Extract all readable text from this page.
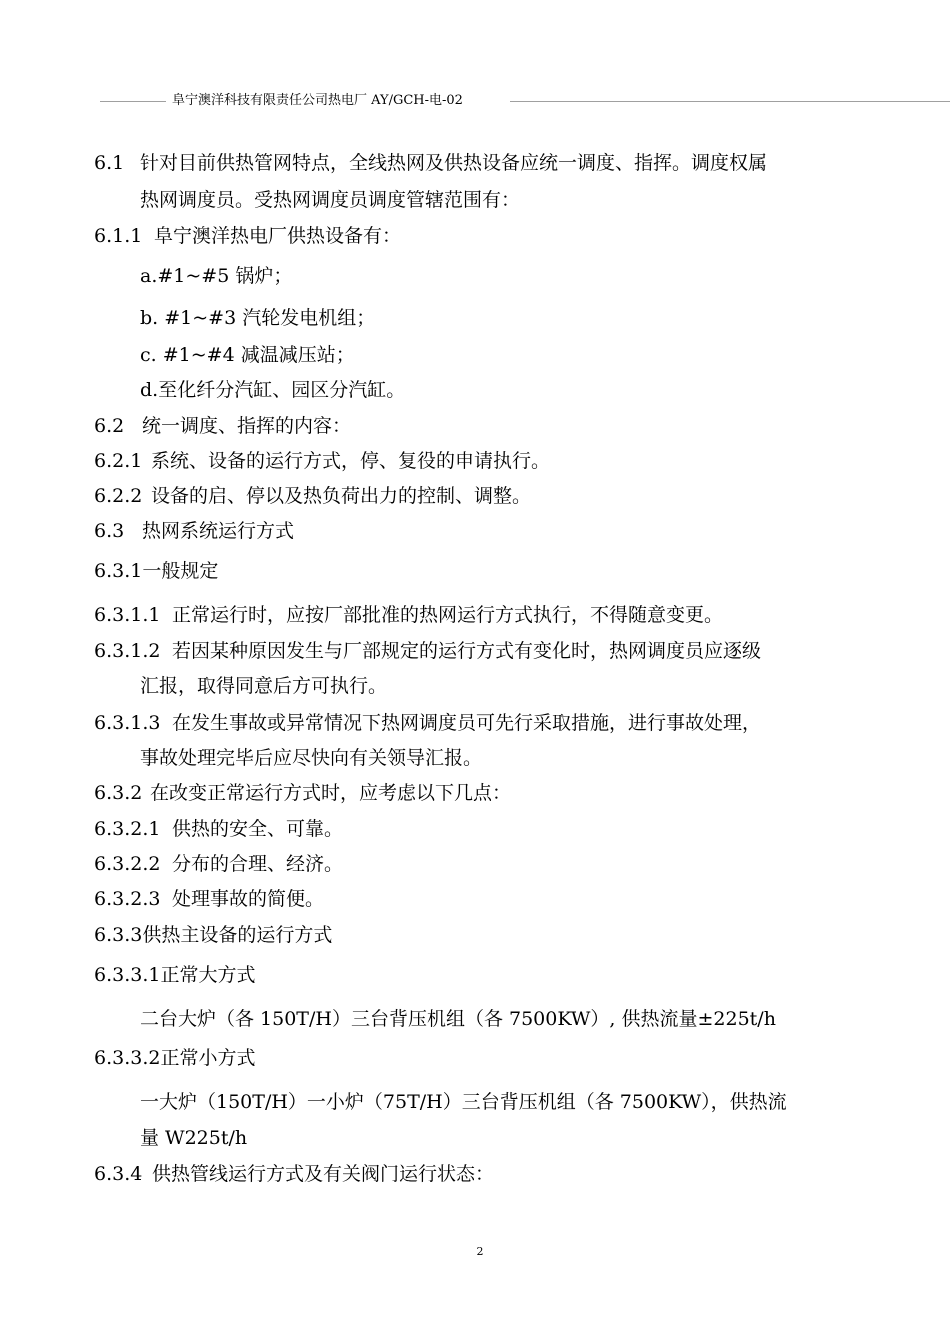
阜宁澳洋科技有限责任公司热电厂 AY/GCH-电-02
6.1 针对目前供热管网特点，全线热网及供热设备应统一调度、指挥。调度权属
热网调度员。受热网调度员调度管辖范围有：
6.1.1 阜宁澳洋热电厂供热设备有：
a.#1~#5 锅炉；
b. #1~#3 汽轮发电机组；
c. #1~#4 减温减压站；
d.至化纤分汽缸、园区分汽缸。
6.2 统一调度、指挥的内容：
6.2.1 系统、设备的运行方式，停、复役的申请执行。
6.2.2 设备的启、停以及热负荷出力的控制、调整。
6.3 热网系统运行方式
6.3.1一般规定
6.3.1.1 正常运行时，应按厂部批准的热网运行方式执行，不得随意变更。
6.3.1.2 若因某种原因发生与厂部规定的运行方式有变化时，热网调度员应逐级
汇报，取得同意后方可执行。
6.3.1.3 在发生事故或异常情况下热网调度员可先行采取措施，进行事故处理，
事故处理完毕后应尽快向有关领导汇报。
6.3.2 在改变正常运行方式时，应考虑以下几点：
6.3.2.1 供热的安全、可靠。
6.3.2.2 分布的合理、经济。
6.3.2.3 处理事故的简便。
6.3.3供热主设备的运行方式
6.3.3.1正常大方式
二台大炉（各 150T/H）三台背压机组（各 7500KW）, 供热流量±225t/h
6.3.3.2正常小方式
一大炉（150T/H）一小炉（75T/H）三台背压机组（各 7500KW），供热流
量 W225t/h
6.3.4 供热管线运行方式及有关阀门运行状态：
2
